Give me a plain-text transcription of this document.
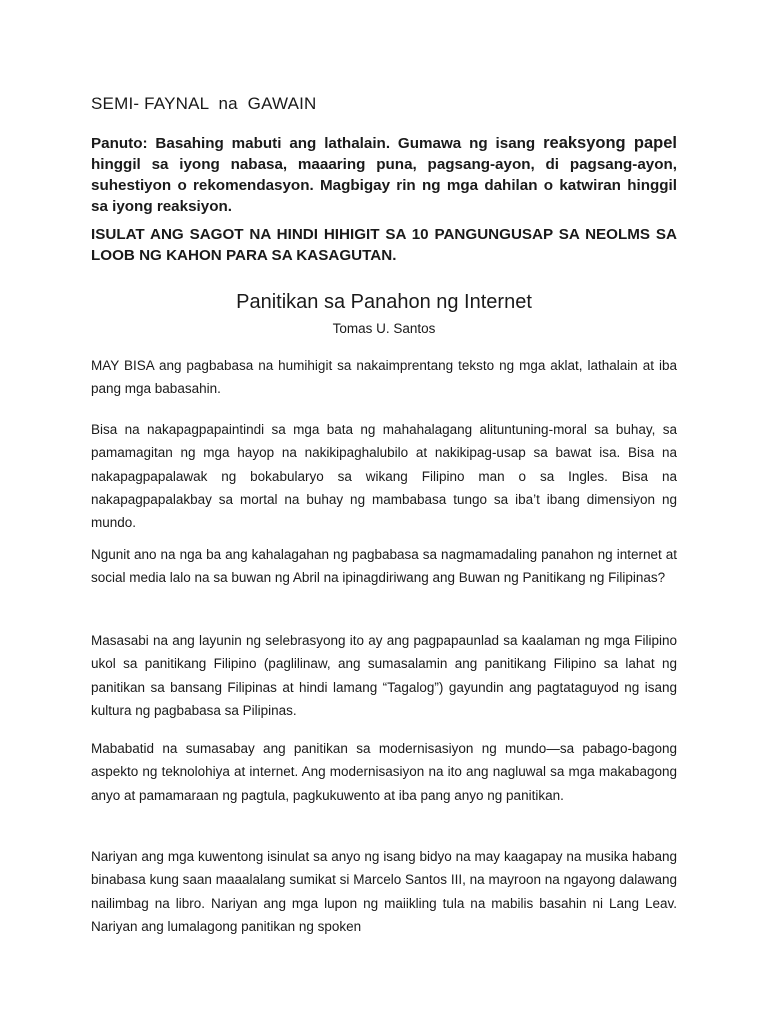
SEMI- FAYNAL  na  GAWAIN

Panuto: Basahing mabuti ang lathalain. Gumawa ng isang reaksyong papel hinggil sa iyong nabasa, maaaring puna, pagsang-ayon, di pagsang-ayon, suhestiyon o rekomendasyon. Magbigay rin ng mga dahilan o katwiran hinggil sa iyong reaksiyon.

ISULAT ANG SAGOT NA HINDI HIHIGIT SA 10 PANGUNGUSAP SA NEOLMS SA LOOB NG KAHON PARA SA KASAGUTAN.

Panitikan sa Panahon ng Internet

Tomas U. Santos

MAY BISA ang pagbabasa na humihigit sa nakaimprentang teksto ng mga aklat, lathalain at iba pang mga babasahin.

Bisa na nakapagpapaintindi sa mga bata ng mahahalagang alituntuning-moral sa buhay, sa pamamagitan ng mga hayop na nakikipaghalubilo at nakikipag-usap sa bawat isa. Bisa na nakapagpapalawak ng bokabularyo sa wikang Filipino man o sa Ingles. Bisa na nakapagpapalakbay sa mortal na buhay ng mambabasa tungo sa iba’t ibang dimensiyon ng mundo.

Ngunit ano na nga ba ang kahalagahan ng pagbabasa sa nagmamadaling panahon ng internet at social media lalo na sa buwan ng Abril na ipinagdiriwang ang Buwan ng Panitikang ng Filipinas?

Masasabi na ang layunin ng selebrasyong ito ay ang pagpapaunlad sa kaalaman ng mga Filipino ukol sa panitikang Filipino (paglilinaw, ang sumasalamin ang panitikang Filipino sa lahat ng panitikan sa bansang Filipinas at hindi lamang “Tagalog”) gayundin ang pagtataguyod ng isang kultura ng pagbabasa sa Pilipinas.

Mababatid na sumasabay ang panitikan sa modernisasiyon ng mundo—sa pabago-bagong aspekto ng teknolohiya at internet. Ang modernisasiyon na ito ang nagluwal sa mga makabagong anyo at pamamaraan ng pagtula, pagkukuwento at iba pang anyo ng panitikan.

Nariyan ang mga kuwentong isinulat sa anyo ng isang bidyo na may kaagapay na musika habang binabasa kung saan maaalalang sumikat si Marcelo Santos III, na mayroon na ngayong dalawang nailimbag na libro. Nariyan ang mga lupon ng maiikling tula na mabilis basahin ni Lang Leav. Nariyan ang lumalagong panitikan ng spoken
